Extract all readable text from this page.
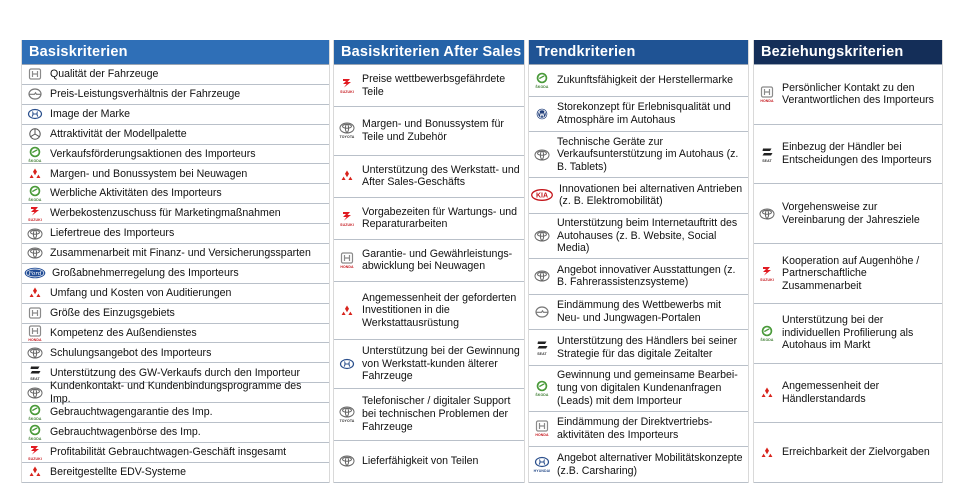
Basiskriterien
Qualität der Fahrzeuge
Preis-Leistungsverhältnis der Fahrzeuge
Image der Marke
Attraktivität der Modellpalette
ŠKODA
Verkaufsförderungsaktionen des Importeurs
Margen- und Bonussystem bei Neuwagen
ŠKODA
Werbliche Aktivitäten des Importeurs
SUZUKI
Werbekostenzuschuss für Marketingmaßnahmen
Liefertreue des Importeurs
Zusammenarbeit mit Finanz- und Versicherungssparten
Ford Großabnehmerregelung des Importeurs
Umfang und Kosten von Auditierungen
Größe des Einzugsgebiets
HONDA
Kompetenz des Außendienstes
Schulungsangebot des Importeurs
SEAT
Unterstützung des GW-Verkaufs durch den Importeur
Kundenkontakt- und Kundenbindungsprogramme des Imp.
ŠKODA
Gebrauchtwagengarantie des Imp.
ŠKODA
Gebrauchtwagenbörse des Imp.
SUZUKI
Profitabilität Gebrauchtwagen-Geschäft insgesamt
Bereitgestellte EDV-Systeme
Basiskriterien After Sales
SUZUKI
Preise wettbewerbsgefährdete Teile
TOYOTA
Margen- und Bonussystem für Teile und Zubehör
Unterstützung des Werkstatt- und After Sales-Geschäfts
SUZUKI
Vorgabezeiten für Wartungs- und Reparaturarbeiten
HONDA
Garantie- und Gewährleistungs-abwicklung bei Neuwagen
Angemessenheit der geforderten Investitionen in die Werkstattausrüstung
Unterstützung bei der Gewinnung von Werkstatt-kunden älterer Fahrzeuge
TOYOTA
Telefonischer / digitaler Support bei technischen Problemen der Fahrzeuge
Lieferfähigkeit von Teilen
Trendkriterien
ŠKODA
Zukunftsfähigkeit der Herstellermarke
Storekonzept für Erlebnisqualität und Atmosphäre im Autohaus
Technische Geräte zur Verkaufsunterstützung im Autohaus (z. B. Tablets)
KIA
Innovationen bei alternativen Antrieben (z. B. Elektromobilität)
Unterstützung beim Internetauftritt des Autohauses (z. B. Website, Social Media)
Angebot innovativer Ausstattungen (z. B. Fahrerassistenzsysteme)
Eindämmung des Wettbewerbs mit Neu- und Jungwagen-Portalen
SEAT
Unterstützung des Händlers bei seiner Strategie für das digitale Zeitalter
ŠKODA
Gewinnung und gemeinsame Bearbei-tung von digitalen Kundenanfragen (Leads) mit dem Importeur
HONDA
Eindämmung der Direktvertriebs-aktivitäten des Importeurs
HYUNDAI
Angebot alternativer Mobilitätskonzepte (z.B. Carsharing)
Beziehungskriterien
HONDA
Persönlicher Kontakt zu den Verantwortlichen des Importeurs
SEAT
Einbezug der Händler bei Entscheidungen des Importeurs
Vorgehensweise zur Vereinbarung der Jahresziele
SUZUKI
Kooperation auf Augenhöhe / Partnerschaftliche Zusammenarbeit
ŠKODA
Unterstützung bei der individuellen Profilierung als Autohaus im Markt
Angemessenheit der Händlerstandards
Erreichbarkeit der Zielvorgaben
